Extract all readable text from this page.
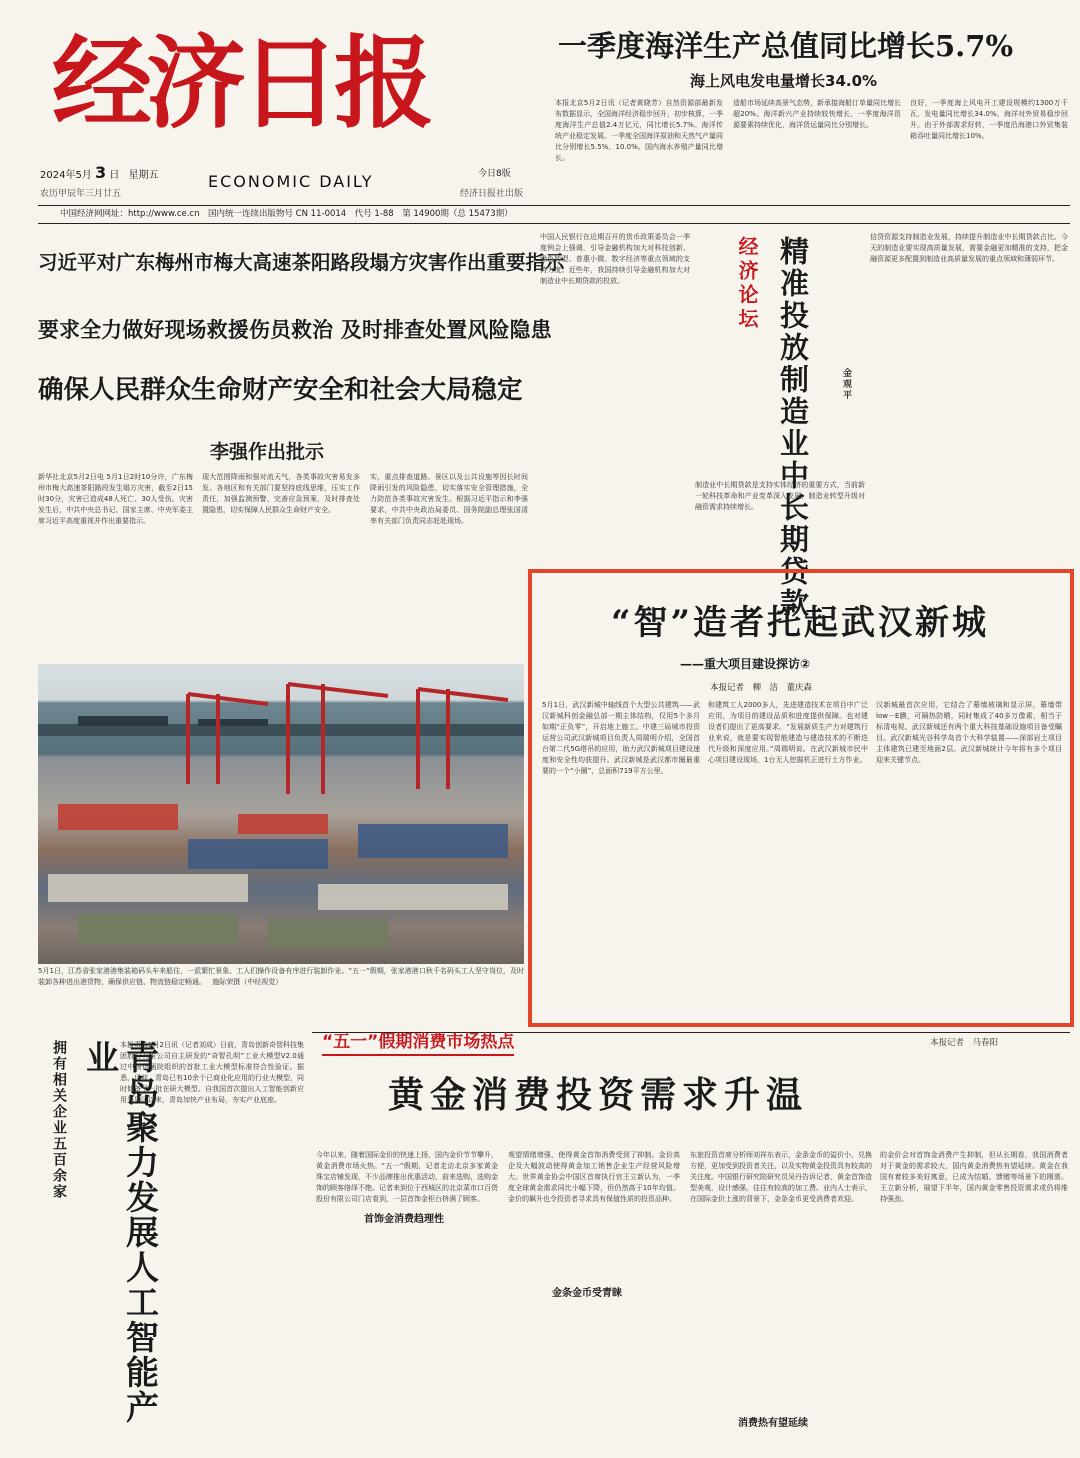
经济日报
2024年5月 3 日 星期五
农历甲辰年三月廿五
ECONOMIC DAILY	今日8版
经济日报社出版
中国经济网网址：http://www.ce.cn　国内统一连续出版物号 CN 11-0014　代号 1-88　第 14900期（总 15473期）
一季度海洋生产总值同比增长5.7%
海上风电发电量增长34.0%
本报北京5月2日讯（记者黄晓芳）自然资源部最新发布数据显示，全国海洋经济稳步回升，初步核算，一季度海洋生产总值2.4万亿元，同比增长5.7%。海洋传统产业稳定发展。一季度全国海洋原油和天然气产量同比分别增长5.5%、10.0%。国内海水养殖产量同比增长。
造船市场延续高景气态势，新承接海船订单量同比增长超20%。海洋新兴产业持续较快增长，一季度海洋资源要素持续优化，海洋货运量同比分别增长。
良好，一季度海上风电开工建设规模约1300万千瓦，发电量同比增长34.0%。海洋对外贸易稳步回升。由于外部需求好转，一季度沿海港口外贸集装箱吞吐量同比增长10%。
习近平对广东梅州市梅大高速茶阳路段塌方灾害作出重要指示
要求全力做好现场救援伤员救治 及时排查处置风险隐患
确保人民群众生命财产安全和社会大局稳定
李强作出批示
新华社北京5月2日电 5月1日2时10分许，广东梅州市梅大高速茶阳路段发生塌方灾害，截至2日15时30分，灾害已造成48人死亡、30人受伤。灾害发生后，中共中央总书记、国家主席、中央军委主席习近平高度重视并作出重要指示。
现大范围降雨和强对流天气，各类事故灾害易发多发。各地区和有关部门要坚持底线思维，压实工作责任，加强监测预警，完善应急预案，及时排查处置隐患，切实保障人民群众生命财产安全。
实，重点排查道路、景区以及公共设施等因长时间降雨引发的风险隐患，切实落实安全管理措施，全力防范各类事故灾害发生。根据习近平指示和李强要求，中共中央政治局委员、国务院副总理张国清率有关部门负责同志赶赴现场。
中国人民银行在近期召开的货币政策委员会一季度例会上强调，引导金融机构加大对科技创新、绿色转型、普惠小微、数字经济等重点领域的支持力度。近些年，我国持续引导金融机构加大对制造业中长期贷款的投放。	经济论坛 精准投放制造业中长期贷款	金观平
制造业中长期贷款是支持实体经济的重要方式，当前新一轮科技革命和产业变革深入发展，制造业转型升级对融资需求持续增长。
信贷资源支持制造业发展，持续提升制造业中长期贷款占比。今天的制造业要实现高质量发展，需要金融更加精准的支持，把金融资源更多配置到制造业高质量发展的重点领域和薄弱环节。
5月1日，江苏省张家港港集装箱码头车来船往，一派繁忙景象。工人们操作设备有序进行装卸作业。“五一”假期，张家港港口秋千名码头工人坚守岗位，及时装卸各种进出港货物，确保供应链、物流链稳定畅通。 施际荣摄（中经视觉）
“智”造者托起武汉新城
——重大项目建设探访②
本报记者　柳　洁　董庆森
5月1日，武汉新城中轴线首个大型公共建筑——武汉新城科创金融总部一期主体结构，仅用5个多月如期“正负零”，开启地上施工。中建三局城市投资运营公司武汉新城项目负责人周瑞明介绍，全国首台第二代5G塔吊的应用，助力武汉新城项目建设速度和安全性均获提升。武汉新城是武汉都市圈最重要的一个“小圈”，总面积719平方公里。
和建筑工人2000多人，先进建造技术在项目中广泛应用，为项目的建设品质和进度提供保障。也对建设者们提出了更高要求。“发展新质生产力对建筑行业来说，就是要实现智能建造与建造技术的不断迭代升级和深度应用。”周瑞明说。在武汉新城市民中心项目建设现场，1台无人挖掘机正进行土方作业。
汉新城最首次应用，它结合了幕墙玻璃和显示屏，幕墙带 low－E膜，可隔热防晒，同时集成了40多万像素，相当于标清电视。武汉新城还有两个重大科技基础设施项目备受瞩目。武汉新城光谷科学岛首个大科学装置——深部岩土项目主体建筑已建至地面2层。武汉新城统计今年将有多个项目迎来关键节点。
本报记者　马春阳
“五一”假期消费市场热点
黄金消费投资需求升温
今年以来，随着国际金价的快速上扬，国内金价节节攀升，黄金消费市场火热。“五一”假期，记者走访北京多家黄金珠宝店铺发现，不少品牌推出优惠活动，前来选购、选购金饰的顾客络绎不绝。记者来到位于西城区的北京菜市口百货股份有限公司门店看到，一层首饰金柜台挤满了顾客。
首饰金消费趋理性
观望情绪增强，使得黄金首饰消费受到了抑制。金价高企及大幅波动使得黄金加工销售企业生产经营风险增大。世界黄金协会中国区首席执行官王立新认为，一季度全球黄金需求同比小幅下降，但仍然高于10年均值。金价的飙升也令投资者寻求具有保值性质的投资品种。
金条金币受青睐
东旅投资首席分析师刘祥东表示，金条金币的溢价小、兑换方便，更加受到投资者关注，以及实物黄金投资具有较高的关注度。中国银行研究院研究员吴丹告诉记者，黄金首饰造型美观，设计感强，往往有较高的加工费。业内人士表示，在国际金价上涨的背景下，金条金币更受消费者欢迎。
消费热有望延续
的金价会对首饰金消费产生抑制，但从长期看，我国消费者对于黄金的需求较大，国内黄金消费热有望延续。黄金在我国有着较多美好寓意，已成为结婚、馈赠等场景下的刚需。王立新分析，展望下半年，国内黄金零售投资需求或仍将维持强劲。
拥有相关企业五百余家	青岛聚力发展人工智能产业 本报青岛5月2日讯（记者刘成）日前，青岛创新奇智科技集团股份有限公司自主研发的“奇智孔明”工业大模型V2.0通过中国信通院组织的首批工业大模型标准符合性验证。据悉，目前，青岛已有10余个已商业化应用的行业大模型，同时储备了一批在研大模型。自我国首次提出人工智能创新应用先导区以来，青岛加快产业布局，夯实产业底座。
